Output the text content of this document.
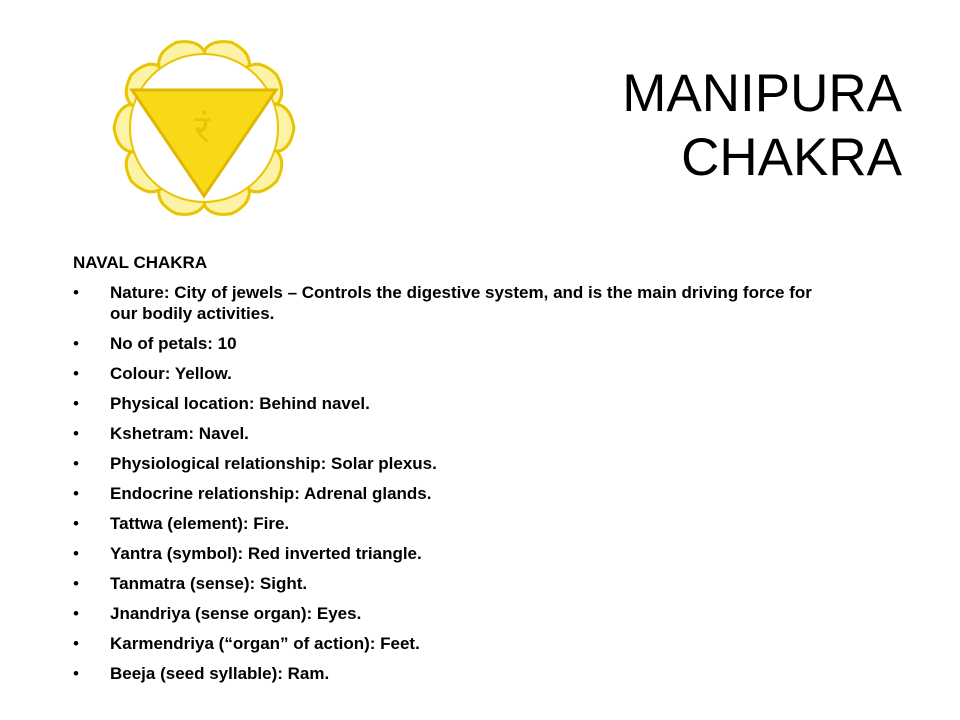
रं
MANIPURA
CHAKRA
NAVAL CHAKRA
• Nature: City of jewels – Controls the digestive system, and is the main driving force for our bodily activities.
• No of petals: 10
• Colour: Yellow.
• Physical location: Behind navel.
• Kshetram: Navel.
• Physiological relationship: Solar plexus.
• Endocrine relationship: Adrenal glands.
• Tattwa (element): Fire.
• Yantra (symbol): Red inverted triangle.
• Tanmatra (sense): Sight.
• Jnandriya (sense organ): Eyes.
• Karmendriya (“organ” of action): Feet.
• Beeja (seed syllable): Ram.
